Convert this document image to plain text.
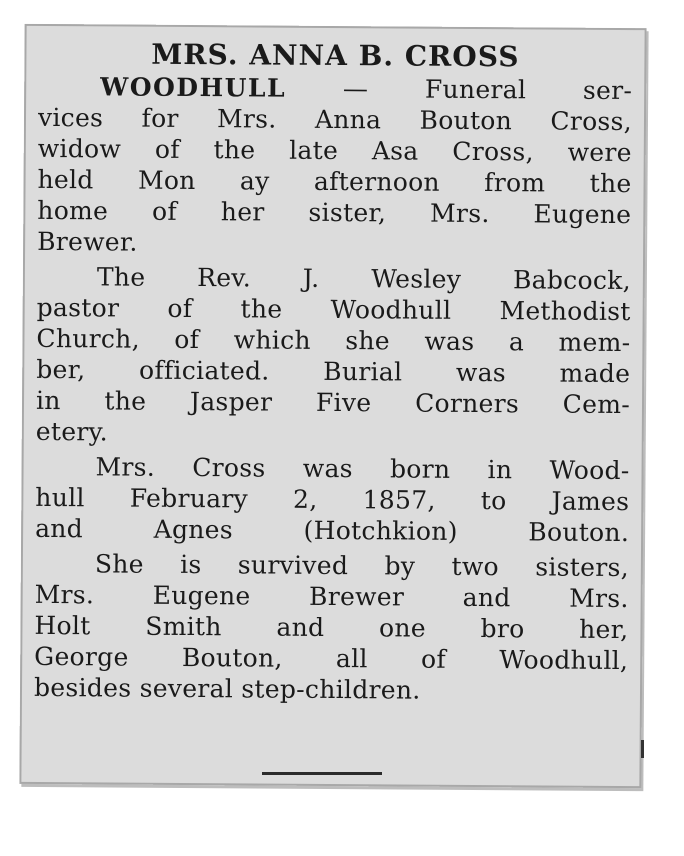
MRS. ANNA B. CROSS
WOODHULL — Funeral ser-
vices for Mrs. Anna Bouton Cross,
widow of the late Asa Cross, were
held Mon ay afternoon from the
home of her sister, Mrs. Eugene
Brewer.
The Rev. J. Wesley Babcock,
pastor of the Woodhull Methodist
Church, of which she was a mem-
ber, officiated. Burial was made
in the Jasper Five Corners Cem-
etery.
Mrs. Cross was born in Wood-
hull February 2, 1857, to James
and Agnes (Hotchkion) Bouton.
She is survived by two sisters,
Mrs. Eugene Brewer and Mrs.
Holt Smith and one bro her,
George Bouton, all of Woodhull,
besides several step-children.
